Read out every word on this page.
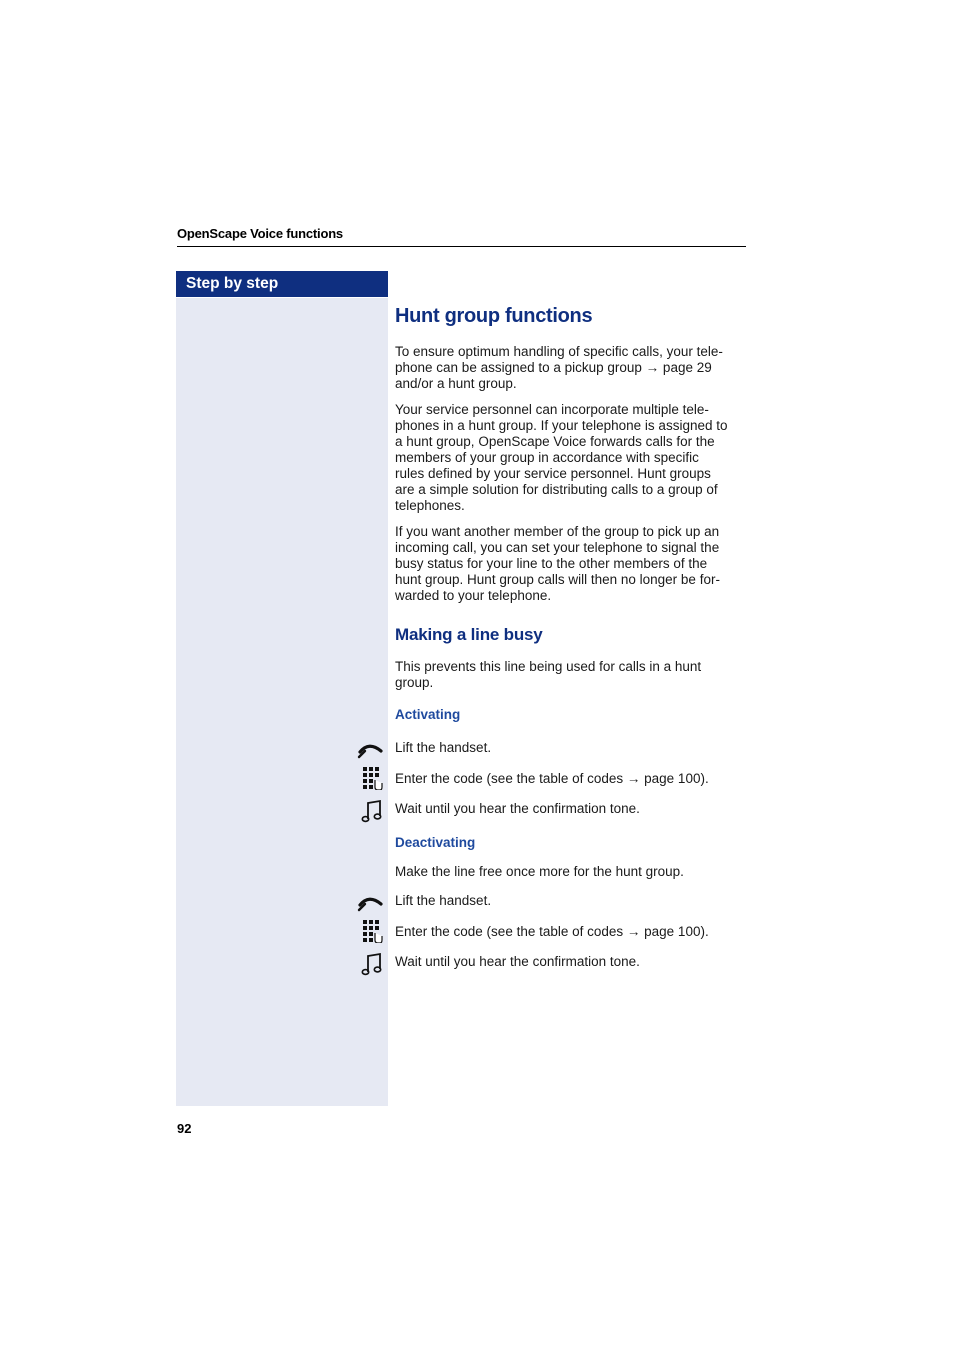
OpenScape Voice functions
Step by step
Hunt group functions
To ensure optimum handling of specific calls, your tele-
phone can be assigned to a pickup group → page 29
and/or a hunt group.
Your service personnel can incorporate multiple tele-
phones in a hunt group. If your telephone is assigned to
a hunt group, OpenScape Voice forwards calls for the
members of your group in accordance with specific
rules defined by your service personnel. Hunt groups
are a simple solution for distributing calls to a group of
telephones.
If you want another member of the group to pick up an
incoming call, you can set your telephone to signal the
busy status for your line to the other members of the
hunt group. Hunt group calls will then no longer be for-
warded to your telephone.
Making a line busy
This prevents this line being used for calls in a hunt
group.
Activating
Lift the handset.
Enter the code (see the table of codes → page 100).
Wait until you hear the confirmation tone.
Deactivating
Make the line free once more for the hunt group.
Lift the handset.
Enter the code (see the table of codes → page 100).
Wait until you hear the confirmation tone.
92
